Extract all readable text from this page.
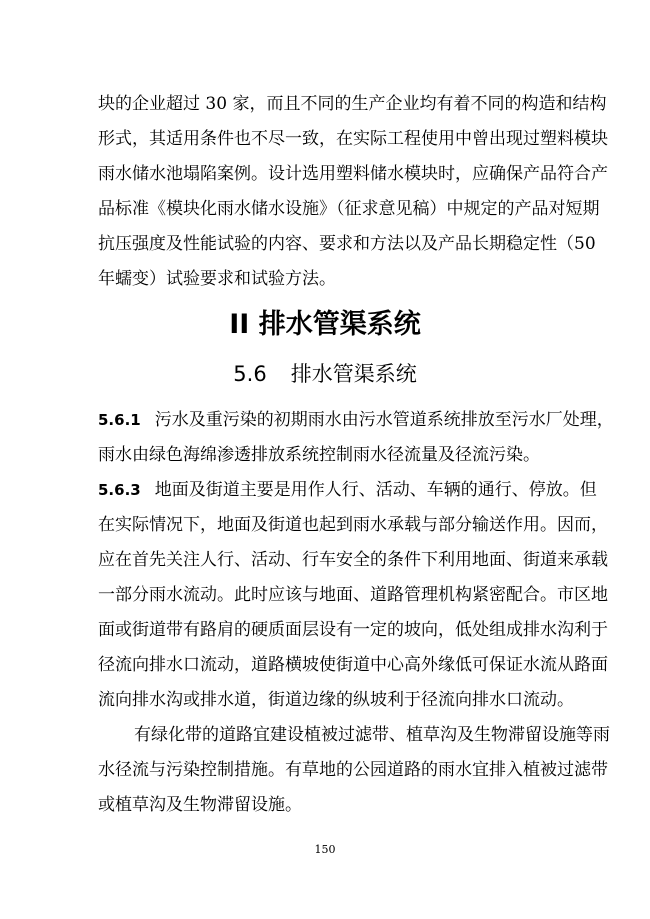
块的企业超过 30 家，而且不同的生产企业均有着不同的构造和结构
形式，其适用条件也不尽一致，在实际工程使用中曾出现过塑料模块
雨水储水池塌陷案例。设计选用塑料储水模块时，应确保产品符合产
品标准《模块化雨水储水设施》（征求意见稿）中规定的产品对短期
抗压强度及性能试验的内容、要求和方法以及产品长期稳定性（50
年蠕变）试验要求和试验方法。
II 排水管渠系统
5.6 排水管渠系统
5.6.1 污水及重污染的初期雨水由污水管道系统排放至污水厂处理，
雨水由绿色海绵渗透排放系统控制雨水径流量及径流污染。
5.6.3 地面及街道主要是用作人行、活动、车辆的通行、停放。但
在实际情况下，地面及街道也起到雨水承载与部分输送作用。因而，
应在首先关注人行、活动、行车安全的条件下利用地面、街道来承载
一部分雨水流动。此时应该与地面、道路管理机构紧密配合。市区地
面或街道带有路肩的硬质面层设有一定的坡向，低处组成排水沟利于
径流向排水口流动，道路横坡使街道中心高外缘低可保证水流从路面
流向排水沟或排水道，街道边缘的纵坡利于径流向排水口流动。
有绿化带的道路宜建设植被过滤带、植草沟及生物滞留设施等雨
水径流与污染控制措施。有草地的公园道路的雨水宜排入植被过滤带
或植草沟及生物滞留设施。
150
